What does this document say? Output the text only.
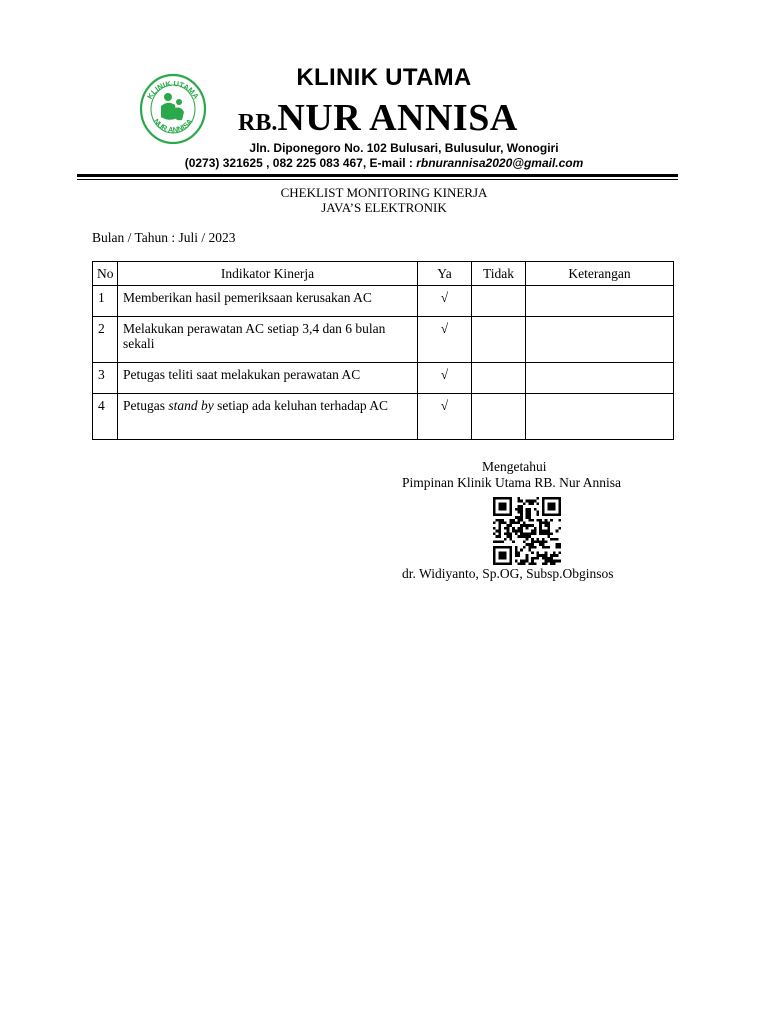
KLINIK UTAMA
NUR ANNISA
KLINIK UTAMA
RB.NUR ANNISA
Jln. Diponegoro No. 102 Bulusari, Bulusulur, Wonogiri
(0273) 321625 , 082 225 083 467, E-mail : rbnurannisa2020@gmail.com
CHEKLIST MONITORING KINERJA
JAVA’S ELEKTRONIK
Bulan / Tahun : Juli / 2023
No	Indikator Kinerja	Ya	Tidak	Keterangan
1	Memberikan hasil pemeriksaan kerusakan AC	√		
2	Melakukan perawatan AC setiap 3,4 dan 6 bulan sekali	√		
3	Petugas teliti saat melakukan perawatan AC	√		
4	Petugas stand by setiap ada keluhan terhadap AC	√		
Mengetahui
Pimpinan Klinik Utama RB. Nur Annisa
dr. Widiyanto, Sp.OG, Subsp.Obginsos
